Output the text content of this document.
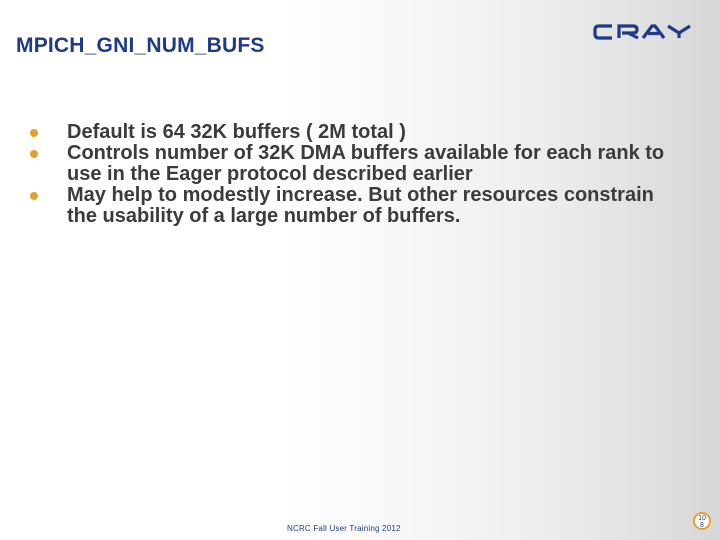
MPICH_GNI_NUM_BUFS
Default is 64 32K buffers ( 2M total )
Controls number of 32K DMA buffers available for each rank to use in the Eager protocol described earlier
May help to modestly increase. But other resources constrain the usability of a large number of buffers.
NCRC Fall User Training 2012
10
8
